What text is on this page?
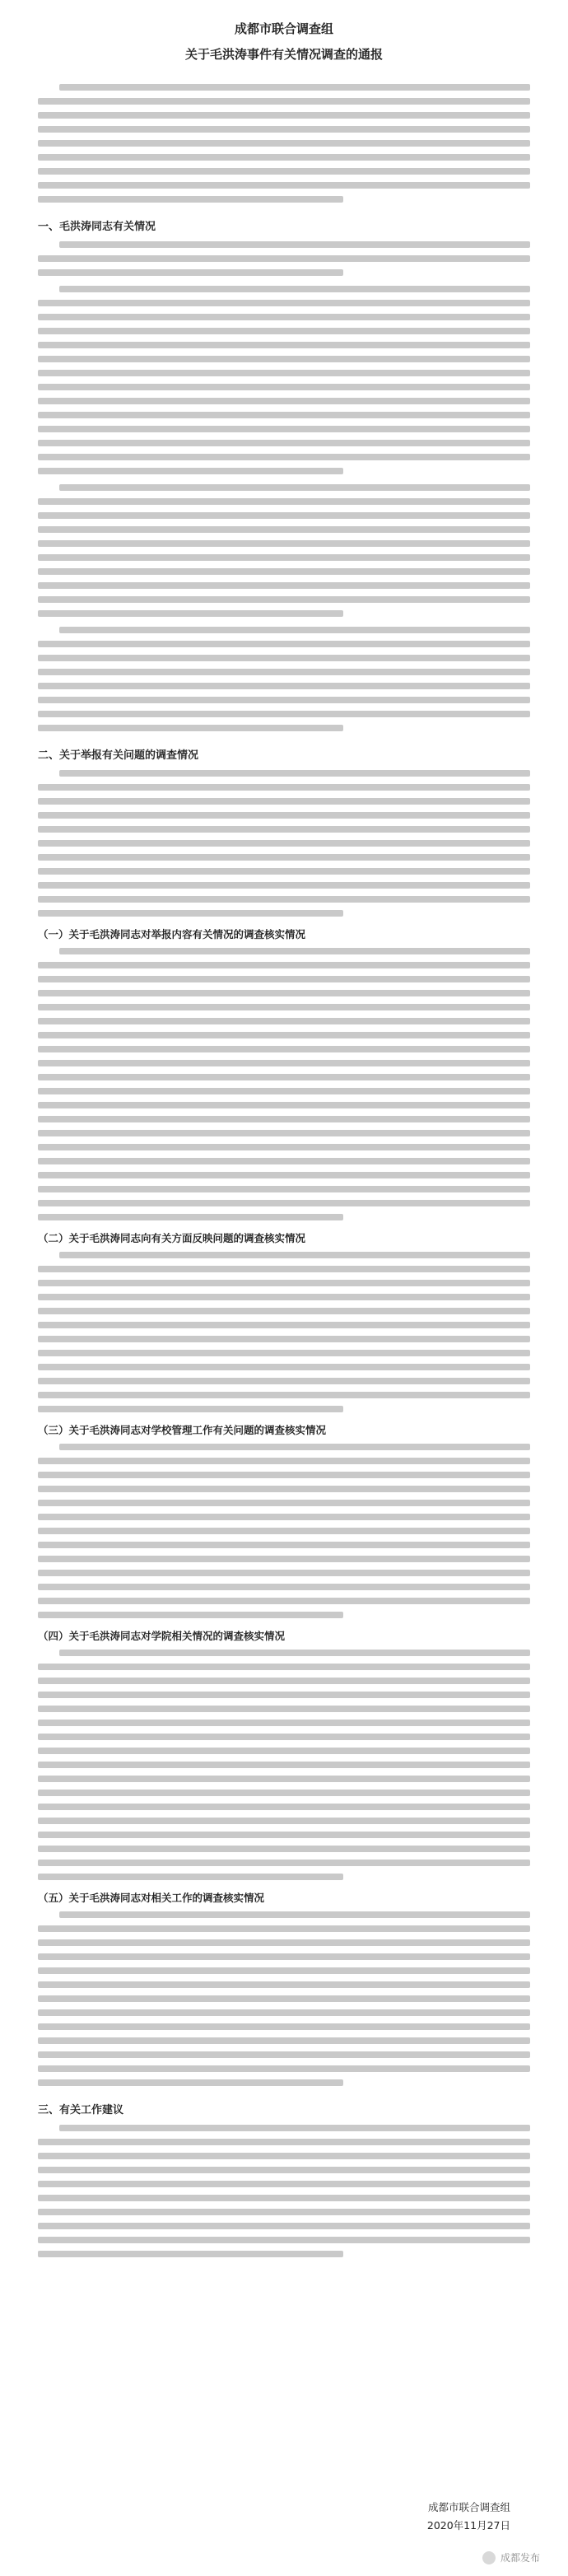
成都市联合调查组
关于毛洪涛事件有关情况调查的通报
一、毛洪涛同志有关情况
二、关于举报有关问题的调查情况
（一）关于毛洪涛同志对举报内容有关情况的调查核实情况
（二）关于毛洪涛同志向有关方面反映问题的调查核实情况
（三）关于毛洪涛同志对学校管理工作有关问题的调查核实情况
（四）关于毛洪涛同志对学院相关情况的调查核实情况
（五）关于毛洪涛同志对相关工作的调查核实情况
三、有关工作建议
成都市联合调查组
2020年11月27日
成都发布
